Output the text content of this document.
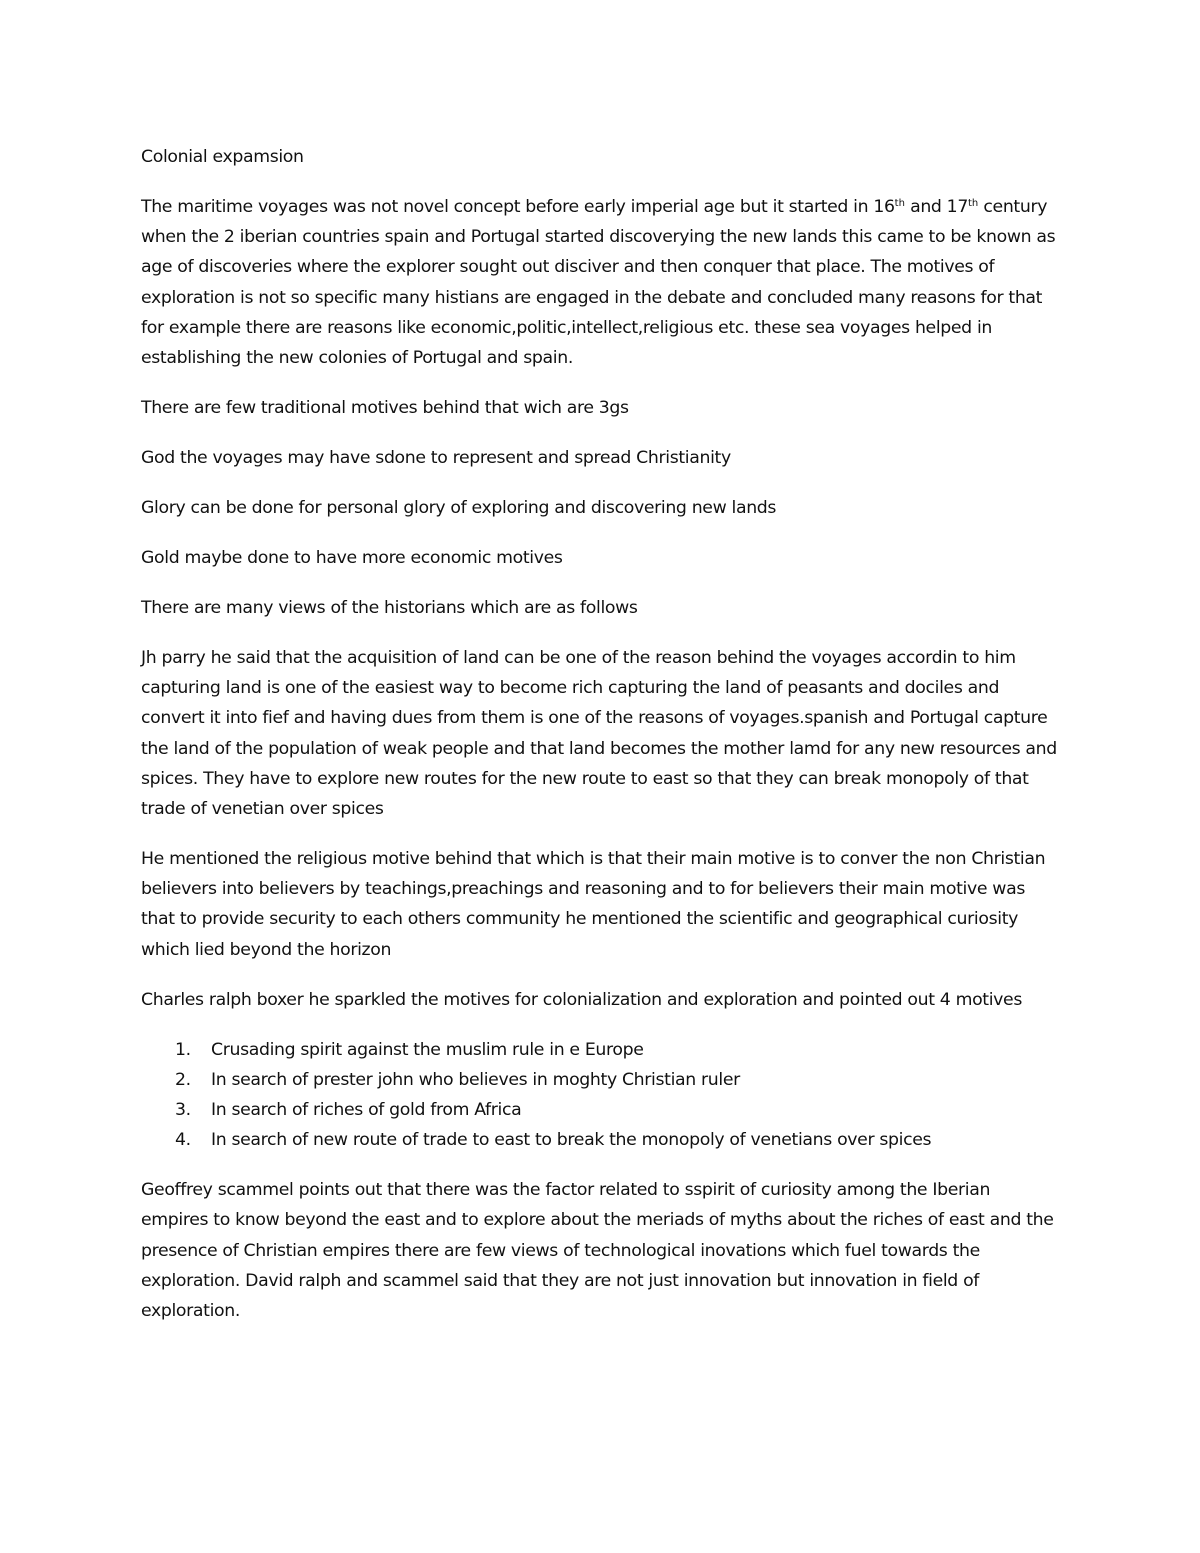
Colonial expamsion

The maritime voyages was not novel concept before early imperial age but it started in 16th and 17th century when the 2 iberian countries spain and Portugal started discoverying the new lands this came to be known as age of discoveries where the explorer sought out disciver and then conquer that place. The motives of exploration is not so specific many histians are engaged in the debate and concluded many reasons for that for example there are reasons like economic,politic,intellect,religious etc. these sea voyages helped in establishing the new colonies of Portugal and spain.

There are few traditional motives behind that wich are 3gs

God the voyages may have sdone to represent and spread Christianity

Glory can be done for personal glory of exploring and discovering new lands

Gold maybe done to have more economic motives

There are many views of the historians which are as follows

Jh parry he said that the acquisition of land can be one of the reason behind the voyages accordin to him capturing land is one of the easiest way to become rich capturing the land of peasants and dociles and convert it into fief and having dues from them is one of the reasons of voyages.spanish and Portugal capture the land of the population of weak people and that land becomes the mother lamd for any new resources and spices. They have to explore new routes for the new route to east so that they can break monopoly of that trade of venetian over spices

He mentioned the religious motive behind that which is that their main motive is to conver the non Christian believers into believers by teachings,preachings and reasoning and to for believers their main motive was that to provide security to each others community he mentioned the scientific and geographical curiosity which lied beyond the horizon

Charles ralph boxer he sparkled the motives for colonialization and exploration and pointed out 4 motives

1. Crusading spirit against the muslim rule in e Europe
2. In search of prester john who believes in moghty Christian ruler
3. In search of riches of gold from Africa
4. In search of new route of trade to east to break the monopoly of venetians over spices

Geoffrey scammel points out that there was the factor related to sspirit of curiosity among the Iberian empires to know beyond the east and to explore about the meriads of myths about the riches of east and the presence of Christian empires there are few views of technological inovations which fuel towards the exploration. David ralph and scammel said that they are not just innovation but innovation in field of exploration.
